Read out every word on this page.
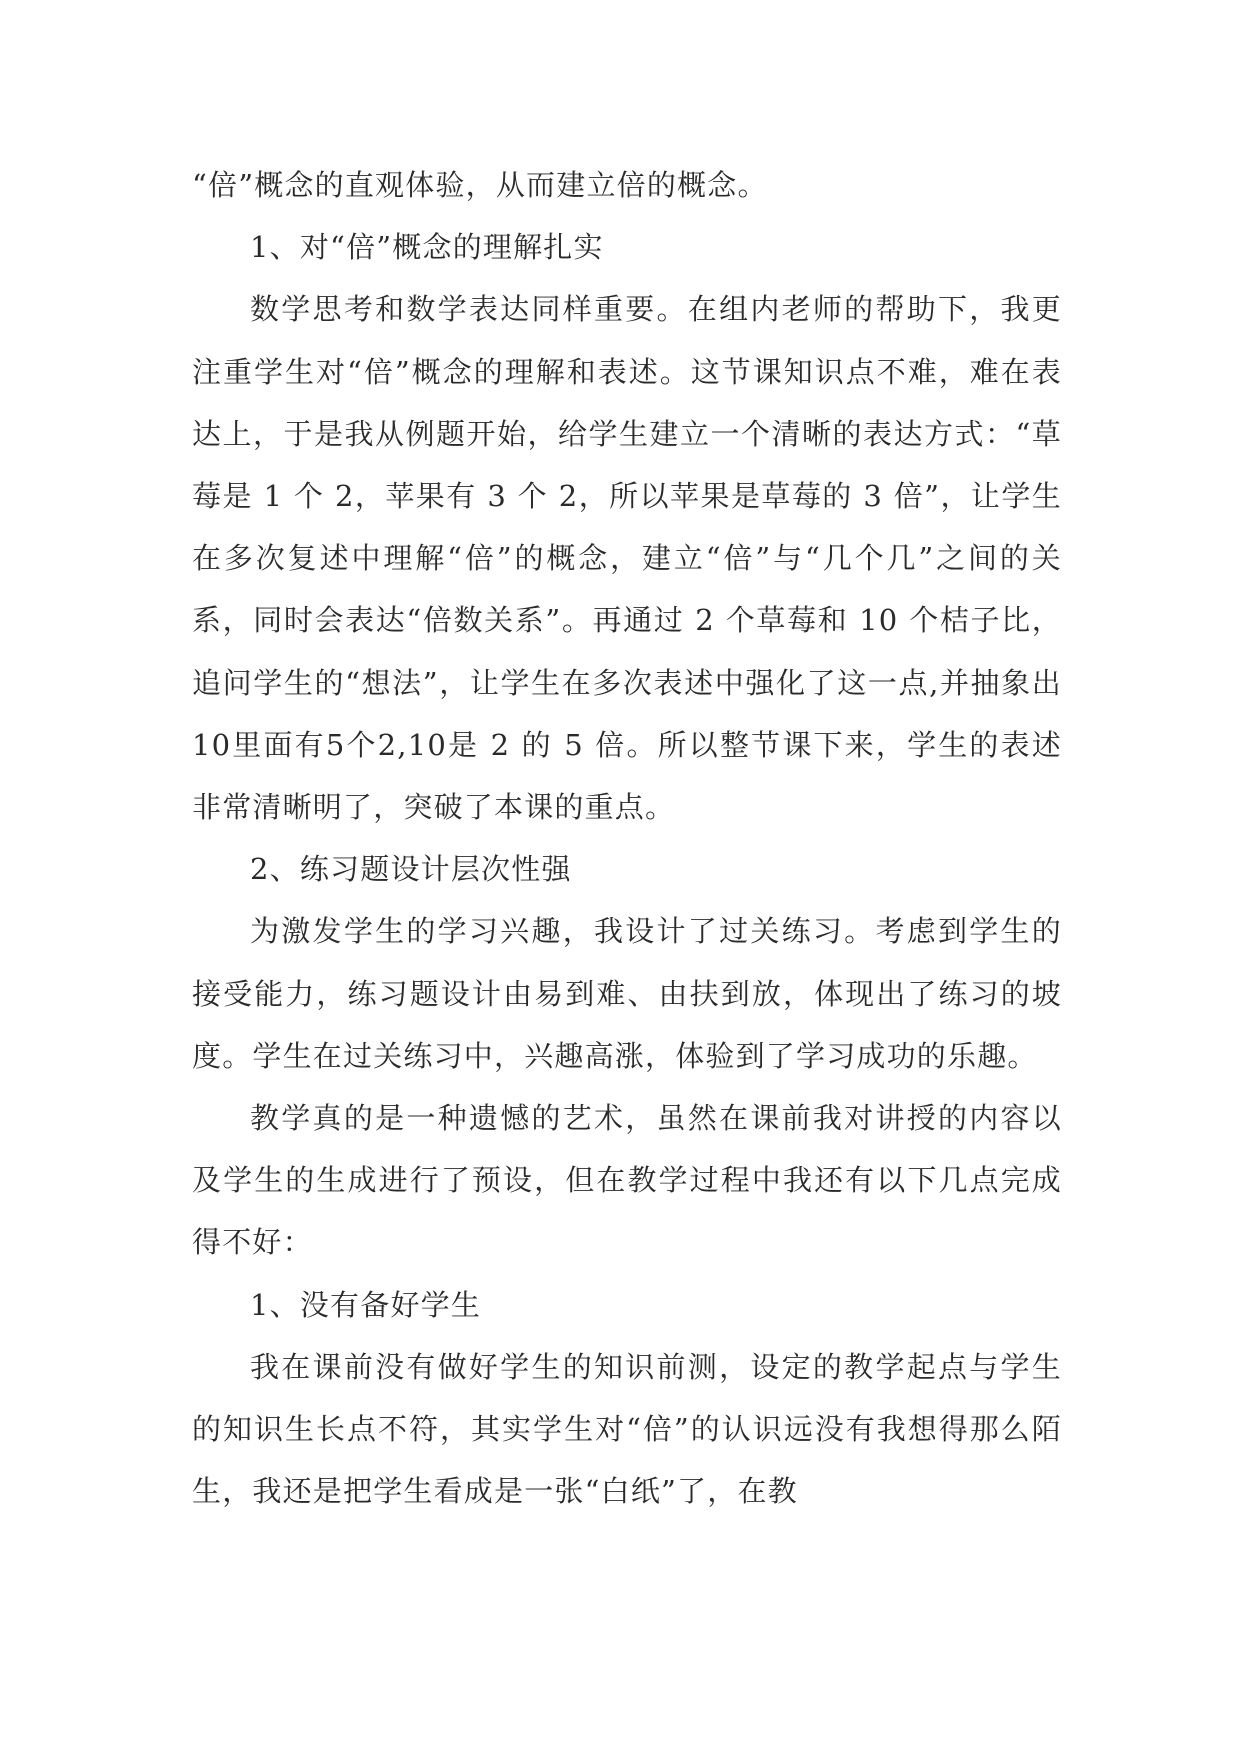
“倍”概念的直观体验，从而建立倍的概念。

1、对“倍”概念的理解扎实

数学思考和数学表达同样重要。在组内老师的帮助下，我更注重学生对“倍”概念的理解和表述。这节课知识点不难，难在表达上，于是我从例题开始，给学生建立一个清晰的表达方式：“草莓是 1 个 2，苹果有 3 个 2，所以苹果是草莓的 3 倍”，让学生在多次复述中理解“倍”的概念，建立“倍”与“几个几”之间的关系，同时会表达“倍数关系”。再通过 2 个草莓和 10 个桔子比，追问学生的“想法”，让学生在多次表述中强化了这一点,并抽象出10里面有5个2,10是 2 的 5 倍。所以整节课下来，学生的表述非常清晰明了，突破了本课的重点。

2、练习题设计层次性强

为激发学生的学习兴趣，我设计了过关练习。考虑到学生的接受能力，练习题设计由易到难、由扶到放，体现出了练习的坡度。学生在过关练习中，兴趣高涨，体验到了学习成功的乐趣。

教学真的是一种遗憾的艺术，虽然在课前我对讲授的内容以及学生的生成进行了预设，但在教学过程中我还有以下几点完成得不好：

1、没有备好学生

我在课前没有做好学生的知识前测，设定的教学起点与学生的知识生长点不符，其实学生对“倍”的认识远没有我想得那么陌生，我还是把学生看成是一张“白纸”了，在教
